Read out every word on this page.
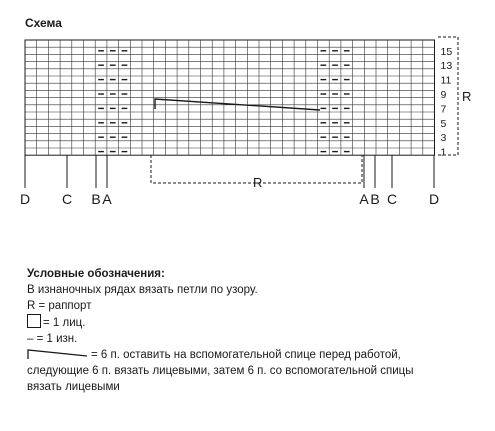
Схема
15
13
11
9
7
5
3
1
R
R
D C B A	A B C D
Условные обозначения:
В изнаночных рядах вязать петли по узору.
R = раппорт
= 1 лиц.
– = 1 изн.
= 6 п. оставить на вспомогательной спице перед работой,
следующие 6 п. вязать лицевыми, затем 6 п. со вспомогательной спицы
вязать лицевыми
